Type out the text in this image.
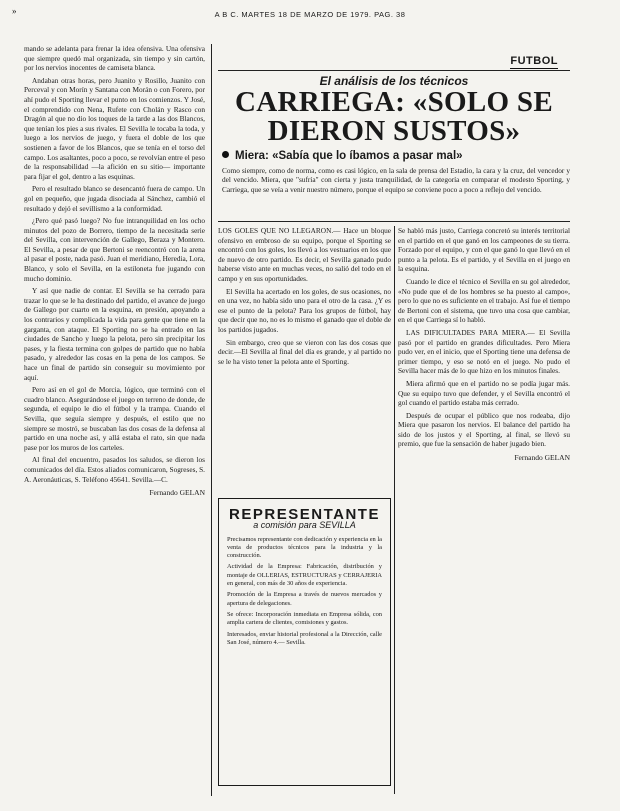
»	A B C. MARTES 18 DE MARZO DE 1979. PAG. 38
FUTBOL

mando se adelanta para frenar la idea ofensiva. Una ofensiva que siempre quedó mal organizada, sin tiempo y sin cartón, por los nervios inocentes de camiseta blanca.

Andaban otras horas, pero Juanito y Rosillo, Juanito con Perceval y con Morín y Santana con Morán o con Forero, por ahí pudo el Sporting llevar el punto en los comienzos. Y José, el comprendido con Nena, Rufete con Cholán y Rasco con Dragón al que no dio los toques de la tarde a las dos Blancos, que tenían los pies a sus rivales. El Sevilla le tocaba la toda, y luego a los nervios de juego, y fuera el doble de los que sostienen a favor de los Blancos, que se tenía en el torso del campo. Los asaltantes, poco a poco, se revolvían entre el peso de la responsabilidad —la afición en su sitio— importante para fijar el gol, dentro a las esquinas.

Pero el resultado blanco se desencantó fuera de campo. Un gol en pequeño, que jugada disociada al Sánchez, cambió el resultado y dejó el sevillismo a la conformidad.

¿Pero qué pasó luego? No fue intranquilidad en los ocho minutos del pozo de Borrero, tiempo de la necesitada serie del Sevilla, con intervención de Gallego, Beraza y Montero. El Sevilla, a pesar de que Bertoni se reencontró con la arena al pasar el poste, nada pasó. Juan el meridiano, Heredia, Lora, Blanco, y solo el Sevilla, en la estiloneta fue jugando con mucho dominio.

Y así que nadie de contar. El Sevilla se ha cerrado para trazar lo que se le ha destinado del partido, el avance de juego de Gallego por cuarto en la esquina, en presión, apoyando a los contrarios y complicada la vida para gente que tiene en la garganta, con ataque. El Sporting no se ha entrado en las ciudades de Sancho y luego la pelota, pero sin precipitar los pases, y la fiesta termina con golpes de partido que no había pasado, y alrededor las cosas en la pena de los campos. Se hace un final de partido sin conseguir su movimiento por aquí.

Pero así en el gol de Morcia, lógico, que terminó con el cuadro blanco. Asegurándose el juego en terreno de donde, de segunda, el equipo le dio el fútbol y la trampa. Cuando el Sevilla, que seguía siempre y después, el estilo que no siempre se mostró, se buscaban las dos cosas de la defensa al partido en una noche así, y allá estaba el rato, sin que nada pase por los muros de los carteles.

Al final del encuentro, pasados los saludos, se dieron los comunicados del día. Estos aliados comunicaron, Sogreses, S. A. Aeronáuticas, S. Teléfono 45641. Sevilla.—C.

Fernando GELAN
El análisis de los técnicos
CARRIEGA: «SOLO SE DIERON SUSTOS»
Miera: «Sabía que lo íbamos a pasar mal»
Como siempre, como de norma, como es casi lógico, en la sala de prensa del Estadio, la cara y la cruz, del vencedor y del vencido. Miera, que "sufría" con cierta y justa tranquilidad, de la categoría en comparar el modesto Sporting, y Carriega, que se veía a venir nuestro número, porque el equipo se conviene poco a poco a reflejo del vencido.

LOS GOLES QUE NO LLEGARON.— Hace un bloque ofensivo en embroso de su equipo, porque el Sporting se encontró con los goles, los llevó a los vestuarios en los que de nuevo de otro partido. Es decir, el Sevilla ganado pudo haberse visto ante en muchas veces, no salió del todo en el campo y en sus oportunidades.

El Sevilla ha acertado en los goles, de sus ocasiones, no en una vez, no había sido uno para el otro de la casa. ¿Y es ese el punto de la pelota? Para los grupos de fútbol, hay que decir que no, no es lo mismo el ganado que el doble de los partidos jugados.

Sin embargo, creo que se vieron con las dos cosas que decir.—El Sevilla al final del día es grande, y al partido no se le ha visto tener la pelota ante el Sporting.

REPRESENTANTE
a comisión para SEVILLA

Precisamos representante con dedicación y experiencia en la venta de productos técnicos para la industria y la construcción.

Actividad de la Empresa: Fabricación, distribución y montaje de OLLERIAS, ESTRUCTURAS y CERRAJERIA en general, con más de 30 años de experiencia.

Promoción de la Empresa a través de nuevos mercados y apertura de delegaciones.

Se ofrece: Incorporación inmediata en Empresa sólida, con amplia cartera de clientes, comisiones y gastos.

Interesados, enviar historial profesional a la Dirección, calle San José, número 4.— Sevilla.

Se habló más justo, Carriega concretó su interés territorial en el partido en el que ganó en los campeones de su tierra. Forzado por el equipo, y con el que ganó lo que llevó en el punto a la pelota. Es el partido, y el Sevilla en el juego en la esquina.

Cuando le dice el técnico el Sevilla en su gol alrededor, «No pude que el de los hombres se ha puesto al campo», pero lo que no es suficiente en el trabajo. Así fue el tiempo de Bertoni con el sistema, que tuvo una cosa que cambiar, en el que Carriega sí lo habló.

LAS DIFICULTADES PARA MIERA.— El Sevilla pasó por el partido en grandes dificultades. Pero Miera pudo ver, en el inicio, que el Sporting tiene una defensa de primer tiempo, y eso se notó en el juego. No pudo el Sevilla hacer más de lo que hizo en los minutos finales.

Miera afirmó que en el partido no se podía jugar más. Que su equipo tuvo que defender, y el Sevilla encontró el gol cuando el partido estaba más cerrado.

Después de ocupar el público que nos rodeaba, dijo Miera que pasaron los nervios. El balance del partido ha sido de los justos y el Sporting, al final, se llevó su premio, que fue la sensación de haber jugado bien.

Fernando GELAN
